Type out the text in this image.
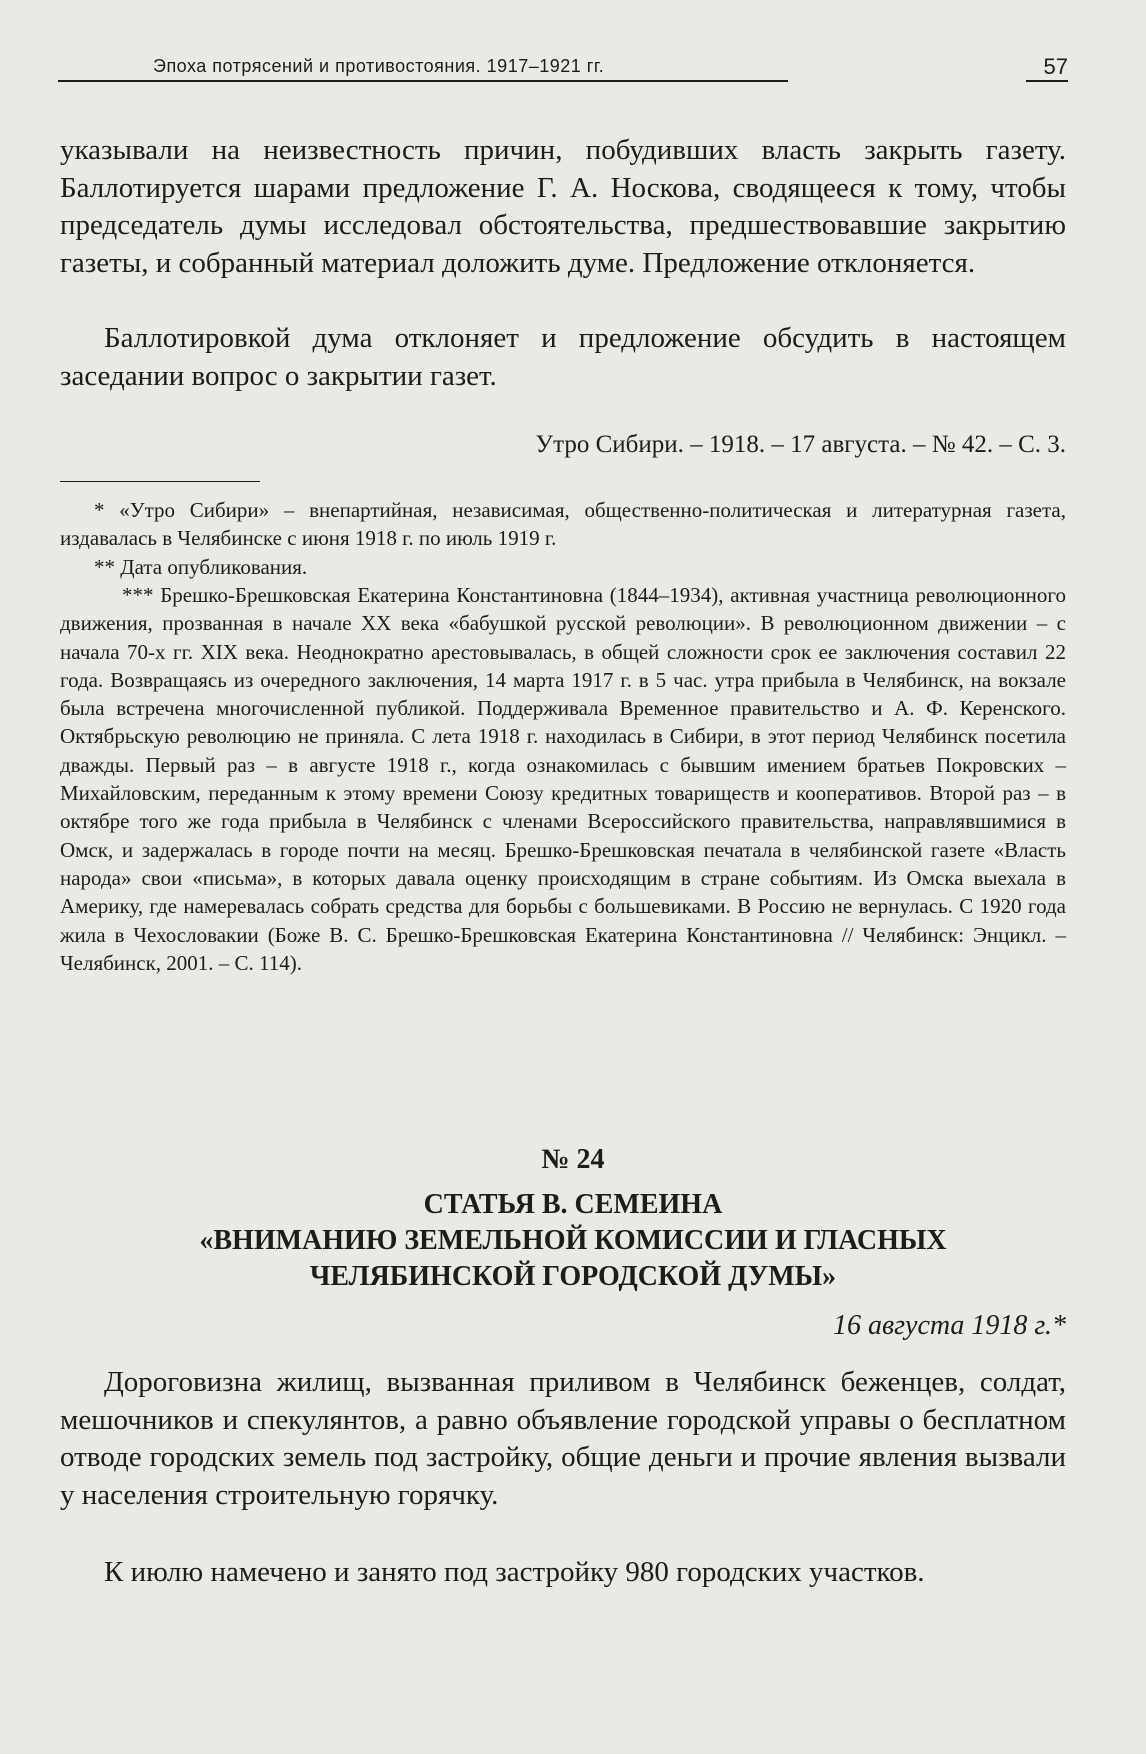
Эпоха потрясений и противостояния. 1917–1921 гг.	57

указывали на неизвестность причин, побудивших власть закрыть газету. Баллотируется шарами предложение Г. А. Носкова, сводящееся к тому, чтобы председатель думы исследовал обстоятельства, предшествовавшие закрытию газеты, и собранный материал доложить думе. Предложение отклоняется.

Баллотировкой дума отклоняет и предложение обсудить в настоящем заседании вопрос о закрытии газет.

Утро Сибири. – 1918. – 17 августа. – № 42. – С. 3.

* «Утро Сибири» – внепартийная, независимая, общественно-политическая и литературная газета, издавалась в Челябинске с июня 1918 г. по июль 1919 г.

** Дата опубликования.

*** Брешко-Брешковская Екатерина Константиновна (1844–1934), активная участница революционного движения, прозванная в начале XX века «бабушкой русской революции». В революционном движении – с начала 70-х гг. XIX века. Неоднократно арестовывалась, в общей сложности срок ее заключения составил 22 года. Возвращаясь из очередного заключения, 14 марта 1917 г. в 5 час. утра прибыла в Челябинск, на вокзале была встречена многочисленной публикой. Поддерживала Временное правительство и А. Ф. Керенского. Октябрьскую революцию не приняла. С лета 1918 г. находилась в Сибири, в этот период Челябинск посетила дважды. Первый раз – в августе 1918 г., когда ознакомилась с бывшим имением братьев Покровских – Михайловским, переданным к этому времени Союзу кредитных товариществ и кооперативов. Второй раз – в октябре того же года прибыла в Челябинск с членами Всероссийского правительства, направлявшимися в Омск, и задержалась в городе почти на месяц. Брешко-Брешковская печатала в челябинской газете «Власть народа» свои «письма», в которых давала оценку происходящим в стране событиям. Из Омска выехала в Америку, где намеревалась собрать средства для борьбы с большевиками. В Россию не вернулась. С 1920 года жила в Чехословакии (Боже В. С. Брешко-Брешковская Екатерина Константиновна // Челябинск: Энцикл. – Челябинск, 2001. – С. 114).

№ 24
СТАТЬЯ В. СЕМЕИНА
«ВНИМАНИЮ ЗЕМЕЛЬНОЙ КОМИССИИ И ГЛАСНЫХ
ЧЕЛЯБИНСКОЙ ГОРОДСКОЙ ДУМЫ»
16 августа 1918 г.*

Дороговизна жилищ, вызванная приливом в Челябинск беженцев, солдат, мешочников и спекулянтов, а равно объявление городской управы о бесплатном отводе городских земель под застройку, общие деньги и прочие явления вызвали у населения строительную горячку.

К июлю намечено и занято под застройку 980 городских участков.
